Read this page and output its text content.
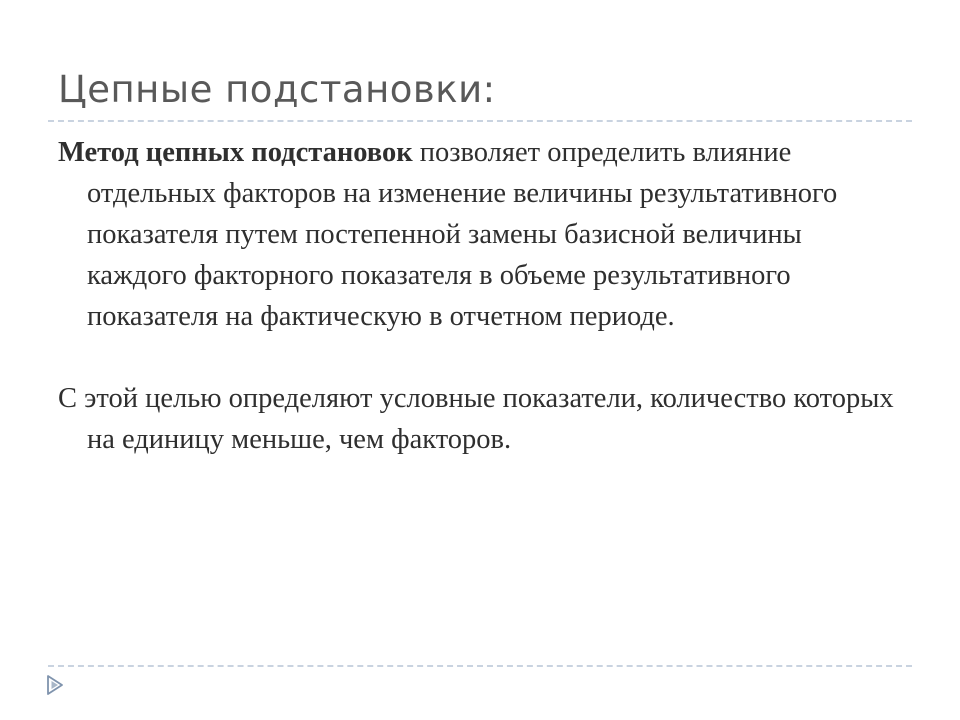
Цепные подстановки:

Метод цепных подстановок позволяет определить влияние отдельных факторов на изменение величины результативного показателя путем постепенной замены базисной величины каждого факторного показателя в объеме результативного показателя на фактическую в отчетном периоде.

С этой целью определяют условные показатели, количество которых на единицу меньше, чем факторов.
